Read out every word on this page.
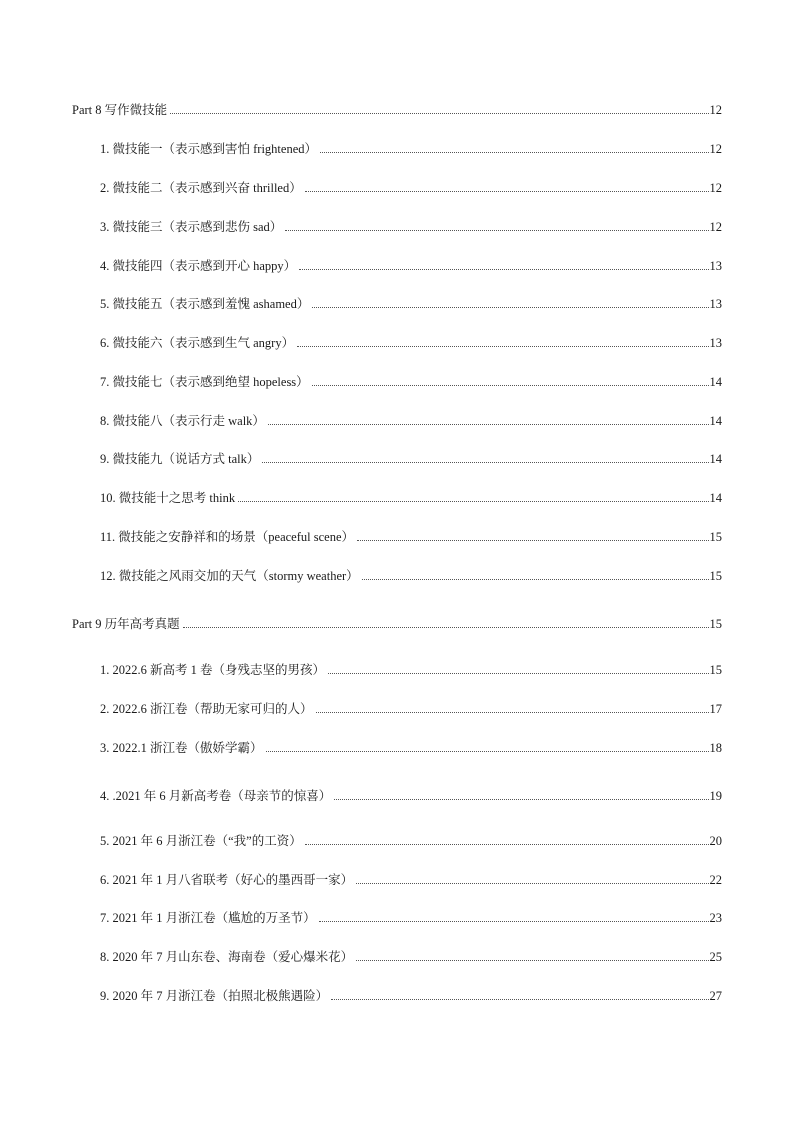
Part 8 写作微技能	12
1. 微技能一（表示感到害怕 frightened）	12
2. 微技能二（表示感到兴奋 thrilled）	12
3. 微技能三（表示感到悲伤 sad）	12
4. 微技能四（表示感到开心 happy）	13
5. 微技能五（表示感到羞愧 ashamed）	13
6. 微技能六（表示感到生气 angry）	13
7. 微技能七（表示感到绝望 hopeless）	14
8. 微技能八（表示行走 walk）	14
9. 微技能九（说话方式 talk）	14
10. 微技能十之思考 think	14
11. 微技能之安静祥和的场景（peaceful scene）	15
12. 微技能之风雨交加的天气（stormy weather）	15
Part 9 历年高考真题	15
1. 2022.6 新高考 1 卷（身残志坚的男孩）	15
2. 2022.6 浙江卷（帮助无家可归的人）	17
3. 2022.1 浙江卷（傲娇学霸）	18
4. .2021 年 6 月新高考卷（母亲节的惊喜）	19
5. 2021 年 6 月浙江卷（“我”的工资）	20
6. 2021 年 1 月八省联考（好心的墨西哥一家）	22
7. 2021 年 1 月浙江卷（尴尬的万圣节）	23
8. 2020 年 7 月山东卷、海南卷（爱心爆米花）	25
9. 2020 年 7 月浙江卷（拍照北极熊遇险）	27
